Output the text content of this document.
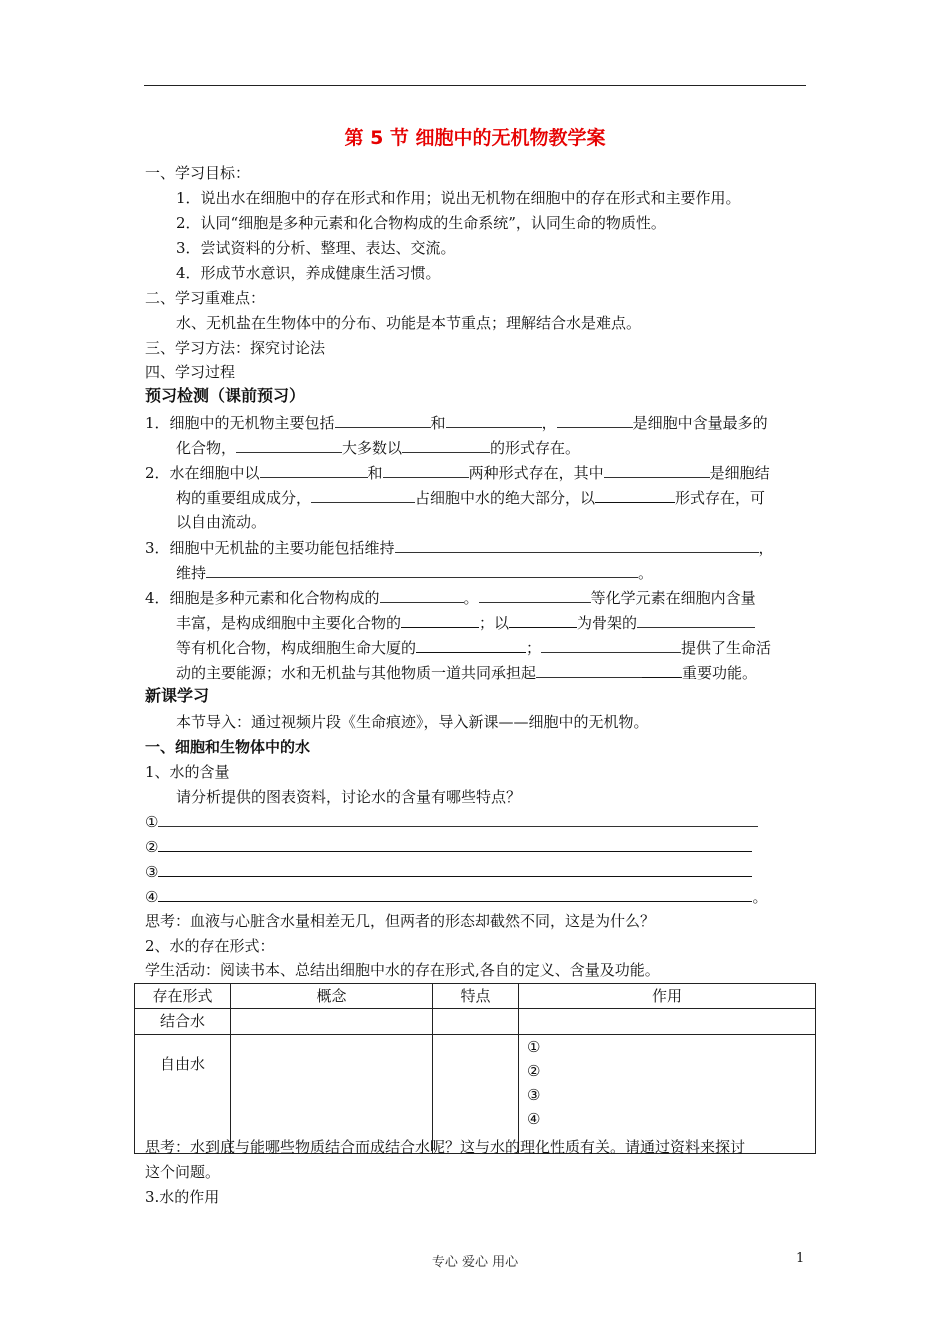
第 5 节 细胞中的无机物教学案
一、学习目标：
1．说出水在细胞中的存在形式和作用；说出无机物在细胞中的存在形式和主要作用。
2．认同“细胞是多种元素和化合物构成的生命系统”，认同生命的物质性。
3．尝试资料的分析、整理、表达、交流。
4．形成节水意识，养成健康生活习惯。
二、学习重难点：
水、无机盐在生物体中的分布、功能是本节重点；理解结合水是难点。
三、学习方法：探究讨论法
四、学习过程
预习检测（课前预习）
1．细胞中的无机物主要包括	和	，	是细胞中含量最多的
化合物，	大多数以	的形式存在。
2．水在细胞中以	和	两种形式存在，其中	是细胞结
构的重要组成成分，	占细胞中水的绝大部分，以	形式存在，可
以自由流动。
3．细胞中无机盐的主要功能包括维持	，
维持	。
4．细胞是多种元素和化合物构成的	。	等化学元素在细胞内含量
丰富，是构成细胞中主要化合物的	；以	为骨架的
等有机化合物，构成细胞生命大厦的	；	提供了生命活
动的主要能源；水和无机盐与其他物质一道共同承担起	重要功能。
新课学习
本节导入：通过视频片段《生命痕迹》，导入新课——细胞中的无机物。
一、细胞和生物体中的水
1、水的含量
请分析提供的图表资料，讨论水的含量有哪些特点？
①
②
③
④	。
思考：血液与心脏含水量相差无几，但两者的形态却截然不同，这是为什么？
2、水的存在形式：
学生活动：阅读书本、总结出细胞中水的存在形式,各自的定义、含量及功能。
存在形式	概念	特点	作用
结合水			
自由水			①
②
③
④
思考：水到底与能哪些物质结合而成结合水呢？这与水的理化性质有关。请通过资料来探讨
这个问题。
3.水的作用
专心 爱心 用心	1
